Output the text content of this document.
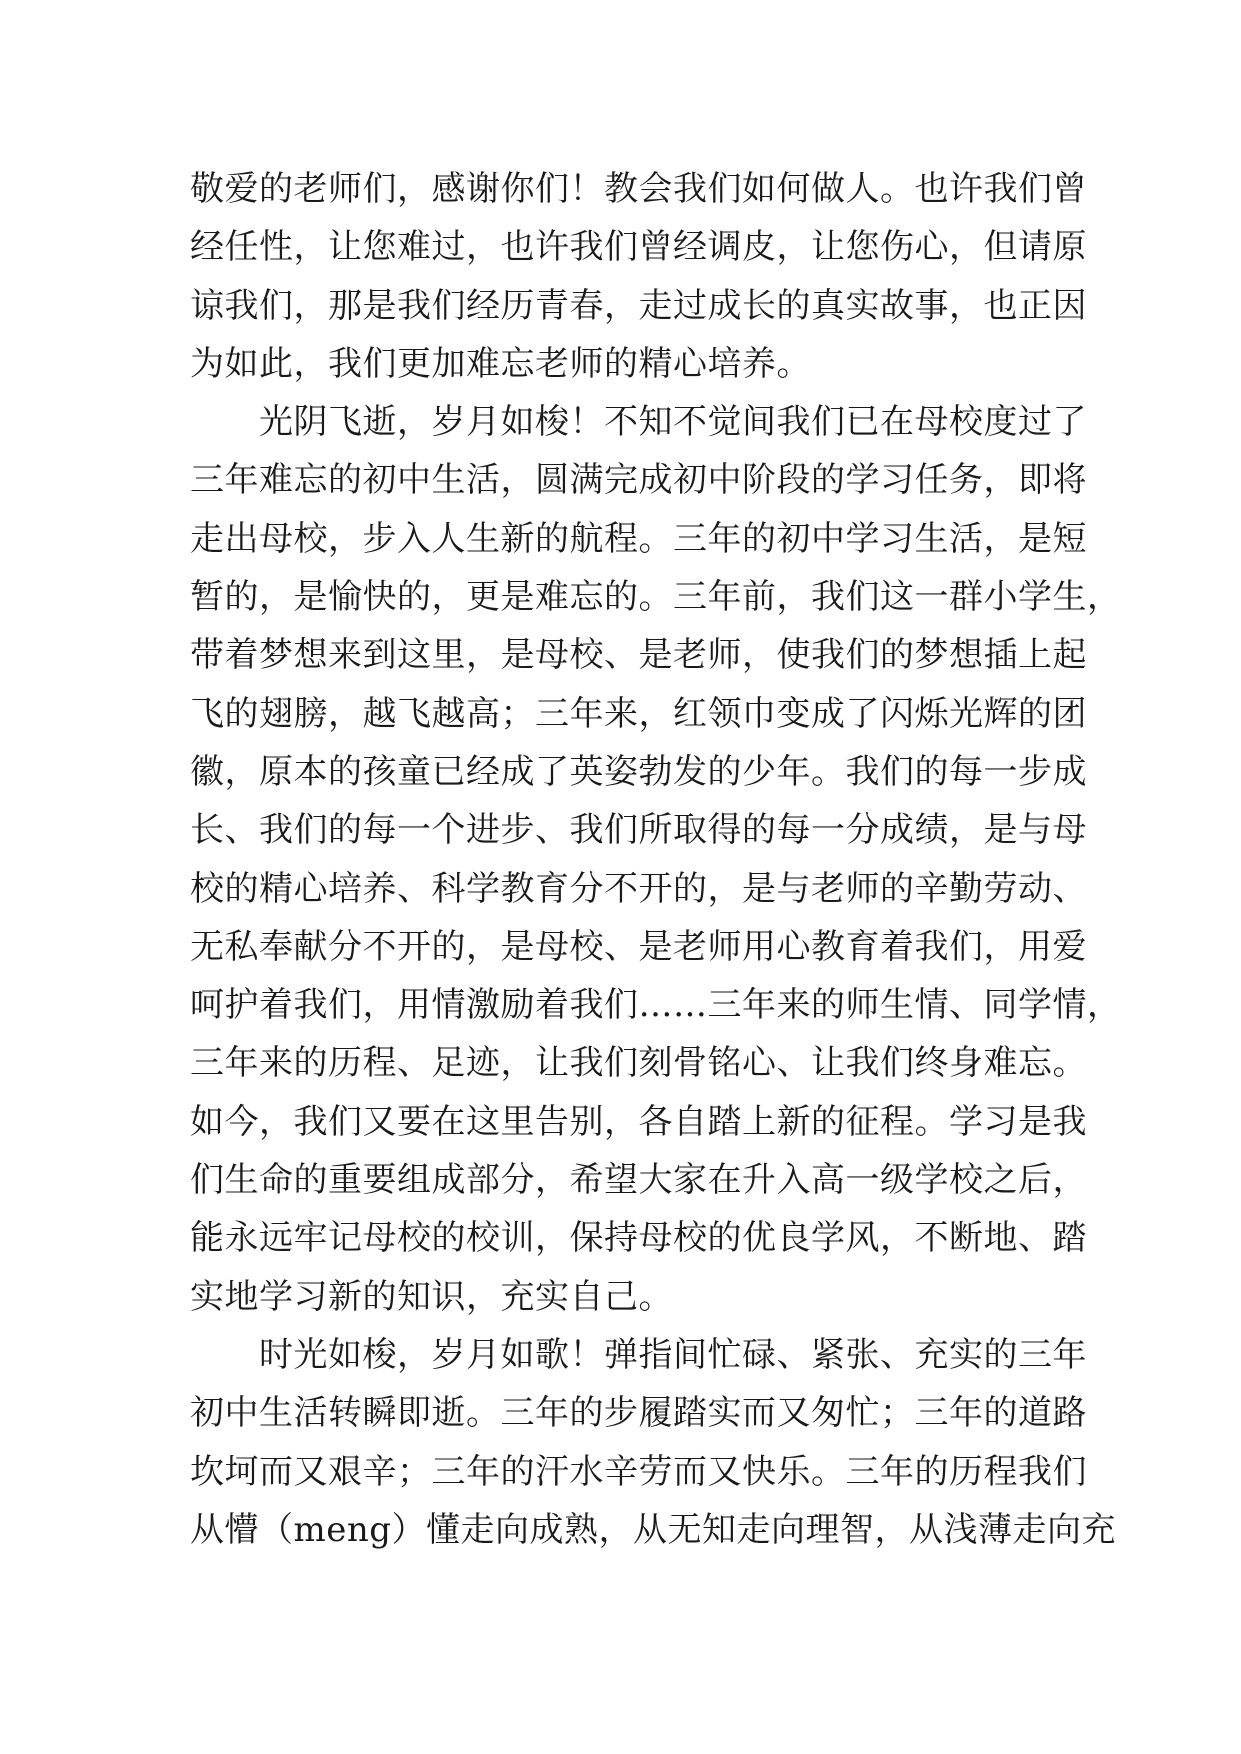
敬爱的老师们，感谢你们！教会我们如何做人。也许我们曾
经任性，让您难过，也许我们曾经调皮，让您伤心，但请原
谅我们，那是我们经历青春，走过成长的真实故事，也正因
为如此，我们更加难忘老师的精心培养。
　　光阴飞逝，岁月如梭！不知不觉间我们已在母校度过了
三年难忘的初中生活，圆满完成初中阶段的学习任务，即将
走出母校，步入人生新的航程。三年的初中学习生活，是短
暂的，是愉快的，更是难忘的。三年前，我们这一群小学生，
带着梦想来到这里，是母校、是老师，使我们的梦想插上起
飞的翅膀，越飞越高；三年来，红领巾变成了闪烁光辉的团
徽，原本的孩童已经成了英姿勃发的少年。我们的每一步成
长、我们的每一个进步、我们所取得的每一分成绩，是与母
校的精心培养、科学教育分不开的，是与老师的辛勤劳动、
无私奉献分不开的，是母校、是老师用心教育着我们，用爱
呵护着我们，用情激励着我们……三年来的师生情、同学情，
三年来的历程、足迹，让我们刻骨铭心、让我们终身难忘。
如今，我们又要在这里告别，各自踏上新的征程。学习是我
们生命的重要组成部分，希望大家在升入高一级学校之后，
能永远牢记母校的校训，保持母校的优良学风，不断地、踏
实地学习新的知识，充实自己。
　　时光如梭，岁月如歌！弹指间忙碌、紧张、充实的三年
初中生活转瞬即逝。三年的步履踏实而又匆忙；三年的道路
坎坷而又艰辛；三年的汗水辛劳而又快乐。三年的历程我们
从懵（meng）懂走向成熟，从无知走向理智，从浅薄走向充
